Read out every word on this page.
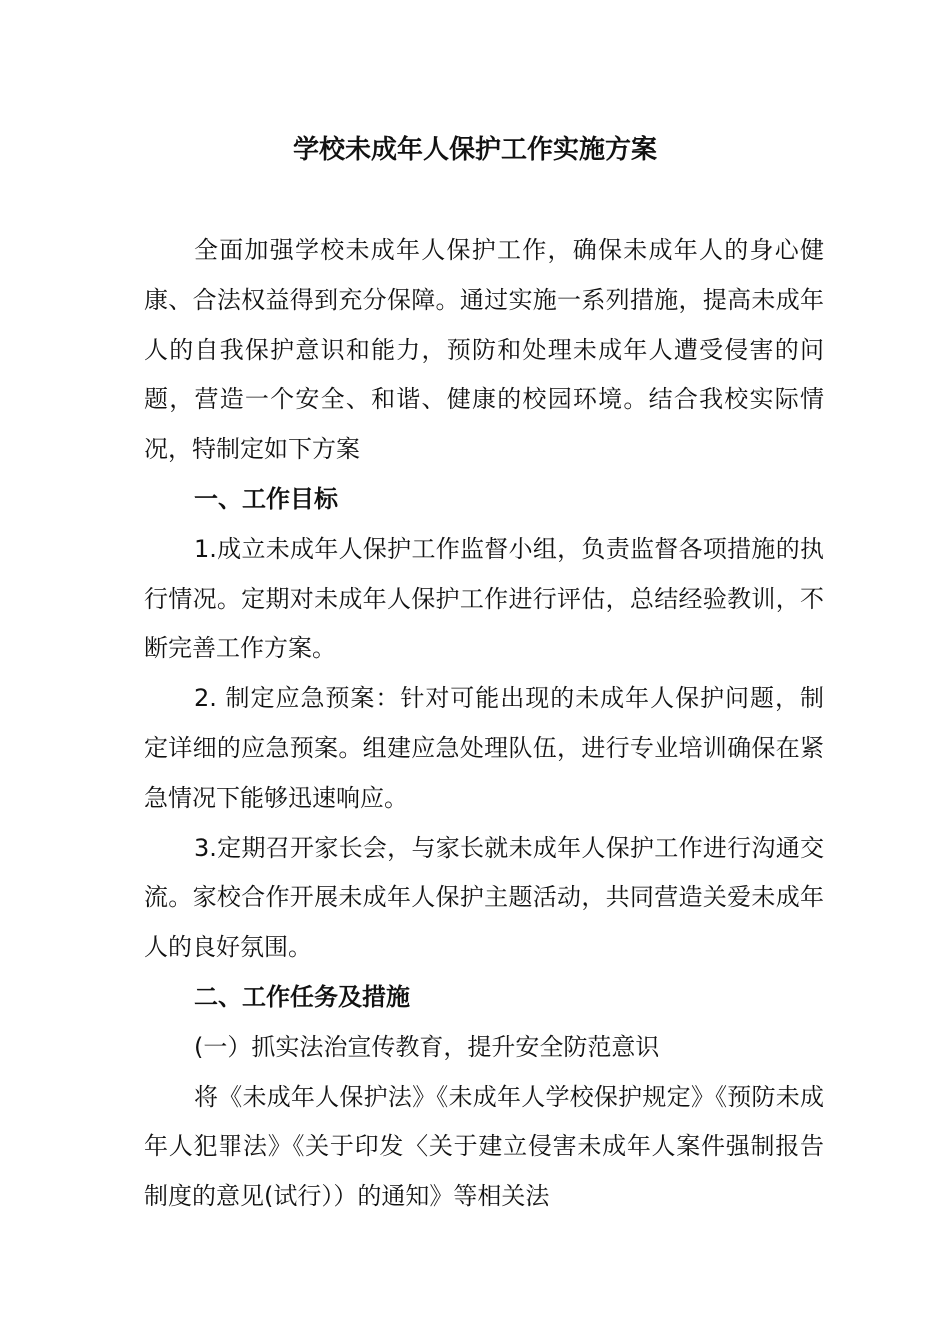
学校未成年人保护工作实施方案

全面加强学校未成年人保护工作，确保未成年人的身心健康、合法权益得到充分保障。通过实施一系列措施，提高未成年人的自我保护意识和能力，预防和处理未成年人遭受侵害的问题，营造一个安全、和谐、健康的校园环境。结合我校实际情况，特制定如下方案

一、工作目标

1.成立未成年人保护工作监督小组，负责监督各项措施的执行情况。定期对未成年人保护工作进行评估，总结经验教训，不断完善工作方案。

2. 制定应急预案：针对可能出现的未成年人保护问题，制定详细的应急预案。组建应急处理队伍，进行专业培训确保在紧急情况下能够迅速响应。

3.定期召开家长会，与家长就未成年人保护工作进行沟通交流。家校合作开展未成年人保护主题活动，共同营造关爱未成年人的良好氛围。

二、工作任务及措施

(一）抓实法治宣传教育，提升安全防范意识

将《未成年人保护法》《未成年人学校保护规定》《预防未成年人犯罪法》《关于印发〈关于建立侵害未成年人案件强制报告制度的意见(试行））的通知》等相关法
